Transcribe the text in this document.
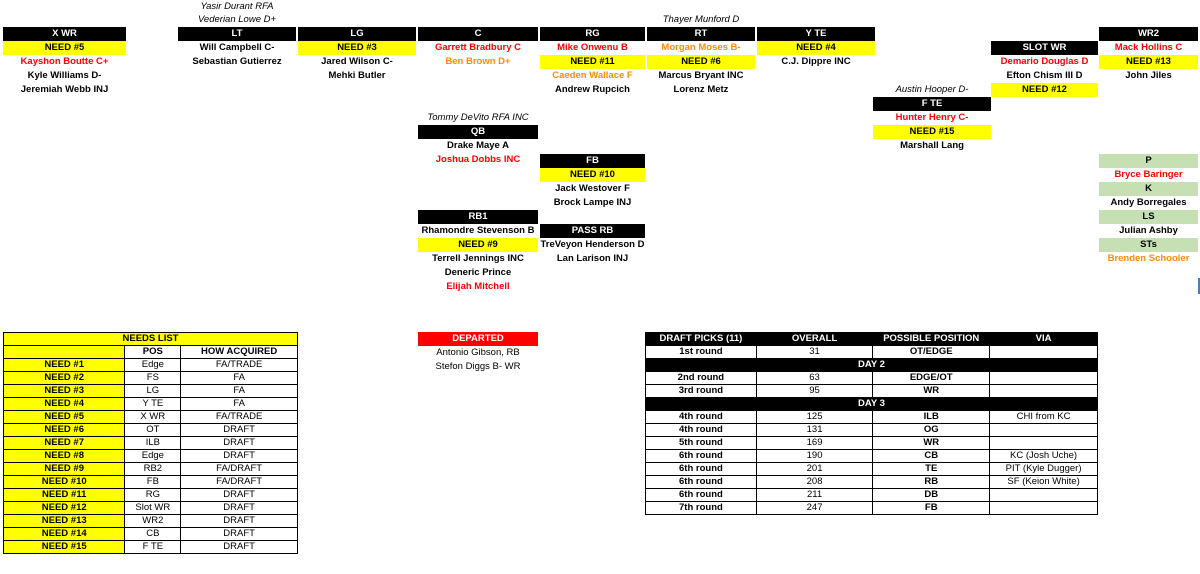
X WR
NEED #5
Kayshon Boutte C+
Kyle Williams D-
Jeremiah Webb INJ
Yasir Durant RFA
Vederian Lowe D+
LT
Will Campbell C-
Sebastian Gutierrez
LG
NEED #3
Jared Wilson C-
Mehki Butler
C
Garrett Bradbury C
Ben Brown D+
RG
Mike Onwenu B
NEED #11
Caeden Wallace F
Andrew Rupcich
Thayer Munford D
RT
Morgan Moses B-
NEED #6
Marcus Bryant INC
Lorenz Metz
Y TE
NEED #4
C.J. Dippre INC
Austin Hooper D-
F TE
Hunter Henry C-
NEED #15
Marshall Lang
SLOT WR
Demario Douglas D
Efton Chism III D
NEED #12
WR2
Mack Hollins C
NEED #13
John Jiles
Tommy DeVito RFA INC
QB
Drake Maye A
Joshua Dobbs INC	FB
NEED #10
Jack Westover F
Brock Lampe INJ
RB1
Rhamondre Stevenson B
NEED #9
Terrell Jennings INC
Deneric Prince
Elijah Mitchell
PASS RB
TreVeyon Henderson D
Lan Larison INJ
P
Bryce Baringer
K
Andy Borregales
LS
Julian Ashby
STs
Brenden Schooler
NEEDS LIST		
	POS	HOW ACQUIRED
NEED #1	Edge	FA/TRADE
NEED #2	FS	FA
NEED #3	LG	FA
NEED #4	Y TE	FA
NEED #5	X WR	FA/TRADE
NEED #6	OT	DRAFT
NEED #7	ILB	DRAFT
NEED #8	Edge	DRAFT
NEED #9	RB2	FA/DRAFT
NEED #10	FB	FA/DRAFT
NEED #11	RG	DRAFT
NEED #12	Slot WR	DRAFT
NEED #13	WR2	DRAFT
NEED #14	CB	DRAFT
NEED #15	F TE	DRAFT
DEPARTED
Antonio Gibson, RB
Stefon Diggs B- WR
DRAFT PICKS (11)	OVERALL	POSSIBLE POSITION	VIA
1st round	31	OT/EDGE	
DAY 2			
2nd round	63	EDGE/OT	
3rd round	95	WR	
DAY 3			
4th round	125	ILB	CHI from KC
4th round	131	OG	
5th round	169	WR	
6th round	190	CB	KC (Josh Uche)
6th round	201	TE	PIT (Kyle Dugger)
6th round	208	RB	SF (Keion White)
6th round	211	DB	
7th round	247	FB	
